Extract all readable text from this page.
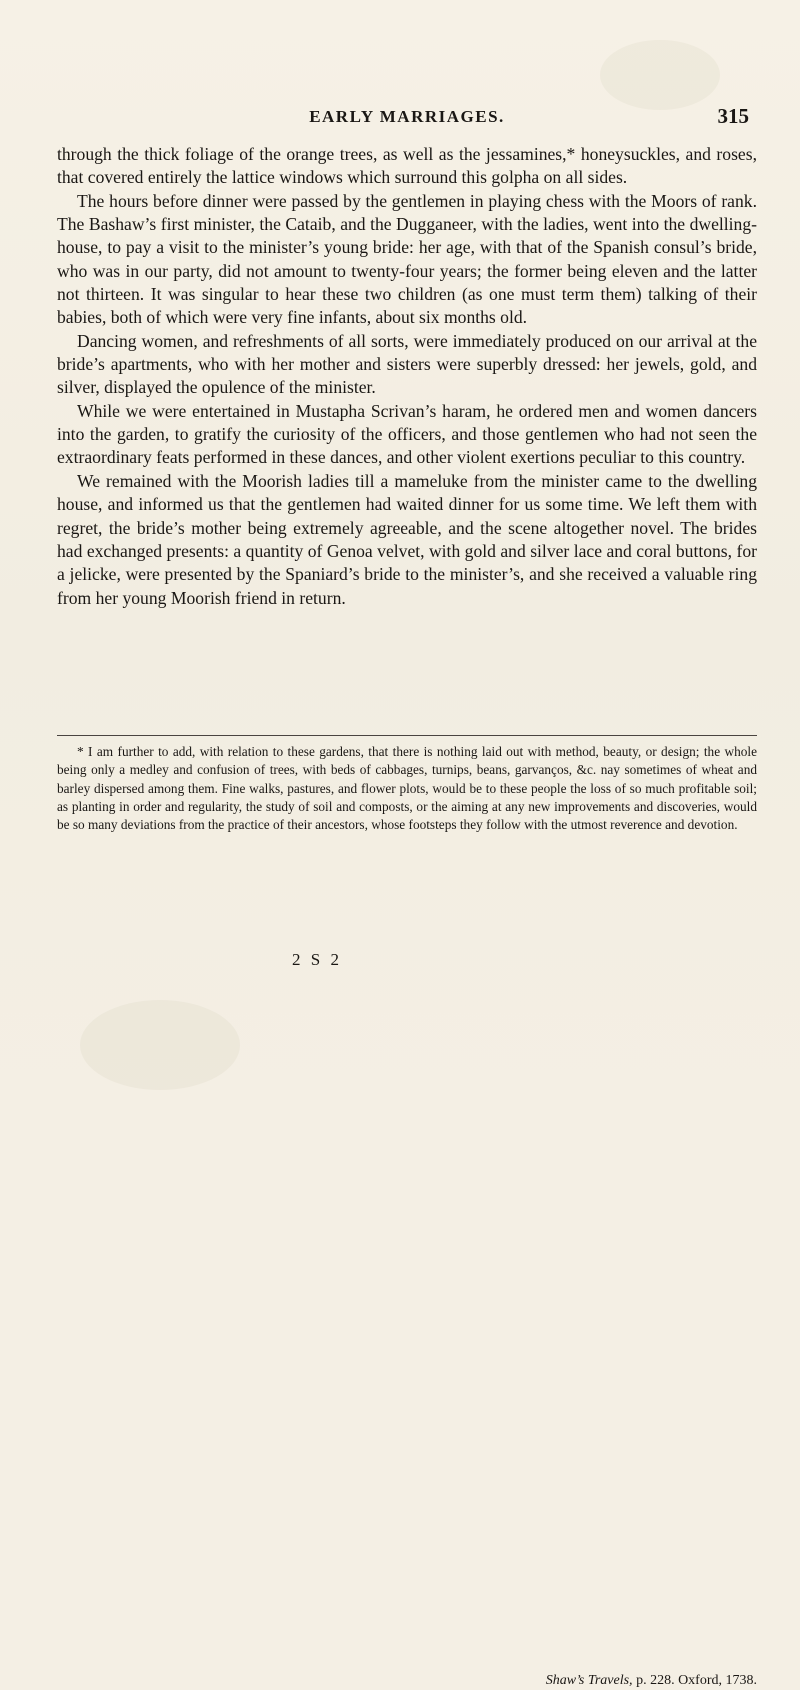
EARLY MARRIAGES.	315

through the thick foliage of the orange trees, as well as the jessamines,* honeysuckles, and roses, that covered entirely the lattice windows which surround this golpha on all sides.

The hours before dinner were passed by the gentlemen in playing chess with the Moors of rank. The Bashaw’s first minister, the Cataib, and the Dugganeer, with the ladies, went into the dwelling-house, to pay a visit to the minister’s young bride: her age, with that of the Spanish consul’s bride, who was in our party, did not amount to twenty-four years; the former being eleven and the latter not thirteen. It was singular to hear these two children (as one must term them) talking of their babies, both of which were very fine infants, about six months old.

Dancing women, and refreshments of all sorts, were immediately produced on our arrival at the bride’s apartments, who with her mother and sisters were superbly dressed: her jewels, gold, and silver, displayed the opulence of the minister.

While we were entertained in Mustapha Scrivan’s haram, he ordered men and women dancers into the garden, to gratify the curiosity of the officers, and those gentlemen who had not seen the extraordinary feats performed in these dances, and other violent exertions peculiar to this country.

We remained with the Moorish ladies till a mameluke from the minister came to the dwelling house, and informed us that the gentlemen had waited dinner for us some time. We left them with regret, the bride’s mother being extremely agreeable, and the scene altogether novel. The brides had exchanged presents: a quantity of Genoa velvet, with gold and silver lace and coral buttons, for a jelicke, were presented by the Spaniard’s bride to the minister’s, and she received a valuable ring from her young Moorish friend in return.

* I am further to add, with relation to these gardens, that there is nothing laid out with method, beauty, or design; the whole being only a medley and confusion of trees, with beds of cabbages, turnips, beans, garvanços, &c. nay sometimes of wheat and barley dispersed among them. Fine walks, pastures, and flower plots, would be to these people the loss of so much profitable soil; as planting in order and regularity, the study of soil and composts, or the aiming at any new improvements and discoveries, would be so many deviations from the practice of their ancestors, whose footsteps they follow with the utmost reverence and devotion.

Shaw’s Travels, p. 228. Oxford, 1738.
2 S 2
